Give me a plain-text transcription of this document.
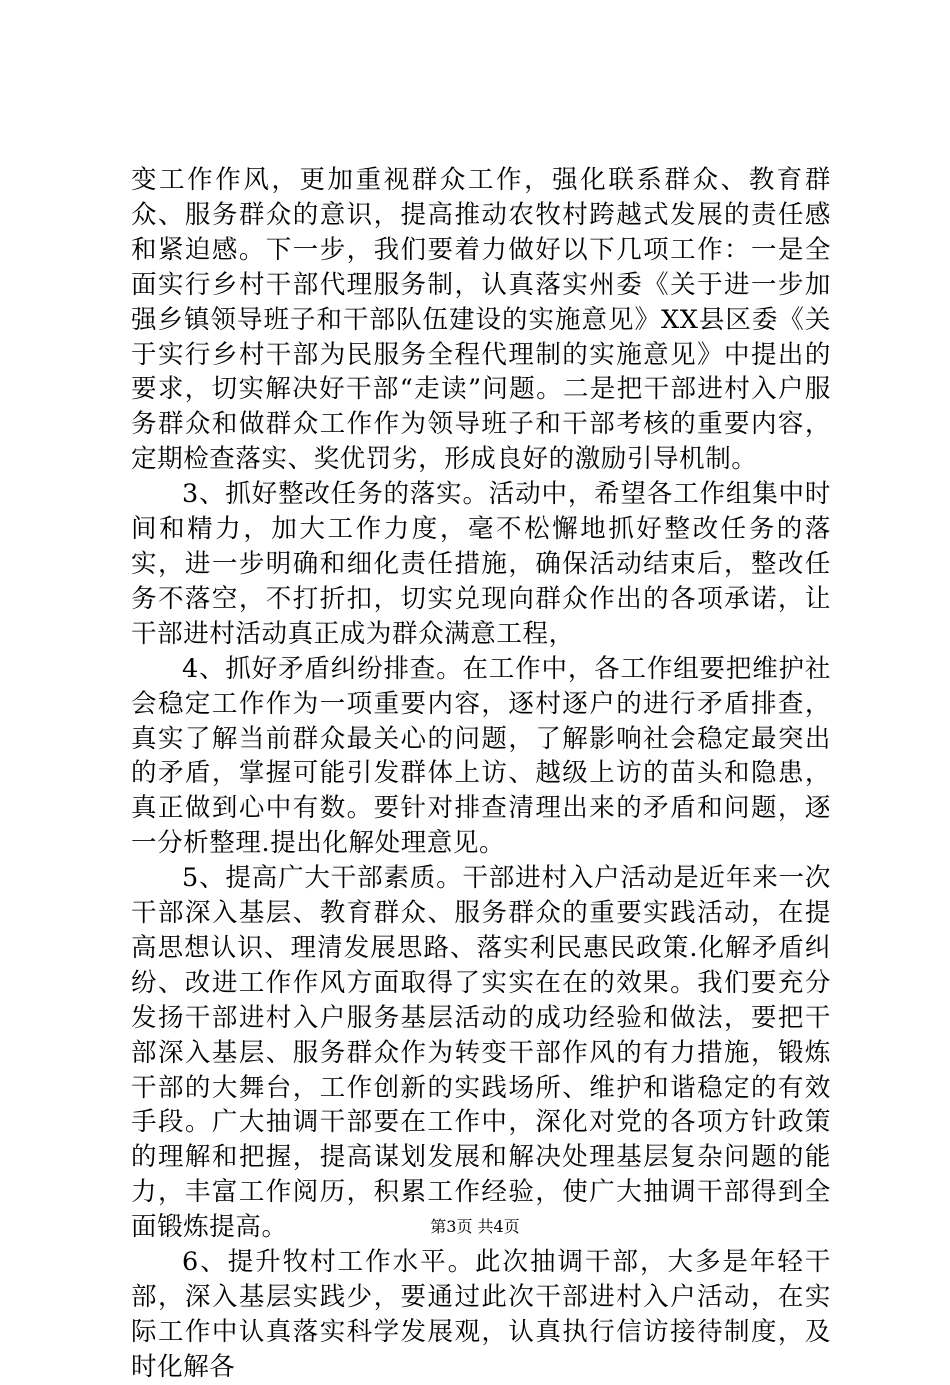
变工作作风，更加重视群众工作，强化联系群众、教育群众、服务群众的意识，提高推动农牧村跨越式发展的责任感和紧迫感。下一步，我们要着力做好以下几项工作：一是全面实行乡村干部代理服务制，认真落实州委《关于进一步加强乡镇领导班子和干部队伍建设的实施意见》XX县区委《关于实行乡村干部为民服务全程代理制的实施意见》中提出的要求，切实解决好干部“走读”问题。二是把干部进村入户服务群众和做群众工作作为领导班子和干部考核的重要内容，定期检查落实、奖优罚劣，形成良好的激励引导机制。

3、抓好整改任务的落实。活动中，希望各工作组集中时间和精力，加大工作力度，毫不松懈地抓好整改任务的落实，进一步明确和细化责任措施，确保活动结束后，整改任务不落空，不打折扣，切实兑现向群众作出的各项承诺，让干部进村活动真正成为群众满意工程，

4、抓好矛盾纠纷排查。在工作中，各工作组要把维护社会稳定工作作为一项重要内容，逐村逐户的进行矛盾排查，真实了解当前群众最关心的问题，了解影响社会稳定最突出的矛盾，掌握可能引发群体上访、越级上访的苗头和隐患，真正做到心中有数。要针对排查清理出来的矛盾和问题，逐一分析整理.提出化解处理意见。

5、提高广大干部素质。干部进村入户活动是近年来一次干部深入基层、教育群众、服务群众的重要实践活动，在提高思想认识、理清发展思路、落实利民惠民政策.化解矛盾纠纷、改进工作作风方面取得了实实在在的效果。我们要充分发扬干部进村入户服务基层活动的成功经验和做法，要把干部深入基层、服务群众作为转变干部作风的有力措施，锻炼干部的大舞台，工作创新的实践场所、维护和谐稳定的有效手段。广大抽调干部要在工作中，深化对党的各项方针政策的理解和把握，提高谋划发展和解决处理基层复杂问题的能力，丰富工作阅历，积累工作经验，使广大抽调干部得到全面锻炼提高。

6、提升牧村工作水平。此次抽调干部，大多是年轻干部，深入基层实践少，要通过此次干部进村入户活动，在实际工作中认真落实科学发展观，认真执行信访接待制度，及时化解各

第3页 共4页
